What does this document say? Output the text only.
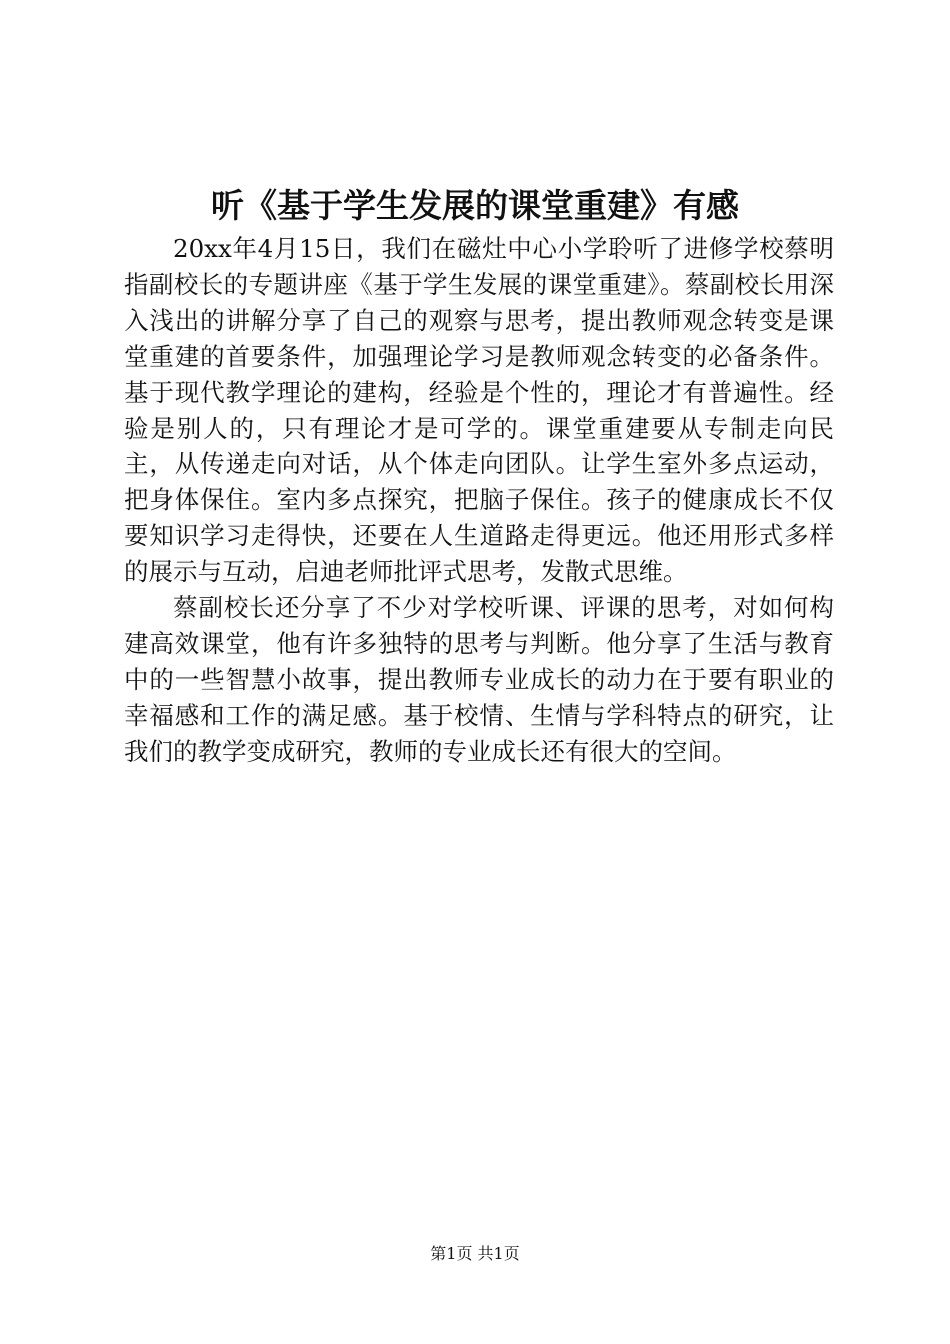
听《基于学生发展的课堂重建》有感

20xx年4月15日，我们在磁灶中心小学聆听了进修学校蔡明指副校长的专题讲座《基于学生发展的课堂重建》。蔡副校长用深入浅出的讲解分享了自己的观察与思考，提出教师观念转变是课堂重建的首要条件，加强理论学习是教师观念转变的必备条件。基于现代教学理论的建构，经验是个性的，理论才有普遍性。经验是别人的，只有理论才是可学的。课堂重建要从专制走向民主，从传递走向对话，从个体走向团队。让学生室外多点运动，把身体保住。室内多点探究，把脑子保住。孩子的健康成长不仅要知识学习走得快，还要在人生道路走得更远。他还用形式多样的展示与互动，启迪老师批评式思考，发散式思维。

蔡副校长还分享了不少对学校听课、评课的思考，对如何构建高效课堂，他有许多独特的思考与判断。他分享了生活与教育中的一些智慧小故事，提出教师专业成长的动力在于要有职业的幸福感和工作的满足感。基于校情、生情与学科特点的研究，让我们的教学变成研究，教师的专业成长还有很大的空间。

第1页 共1页
